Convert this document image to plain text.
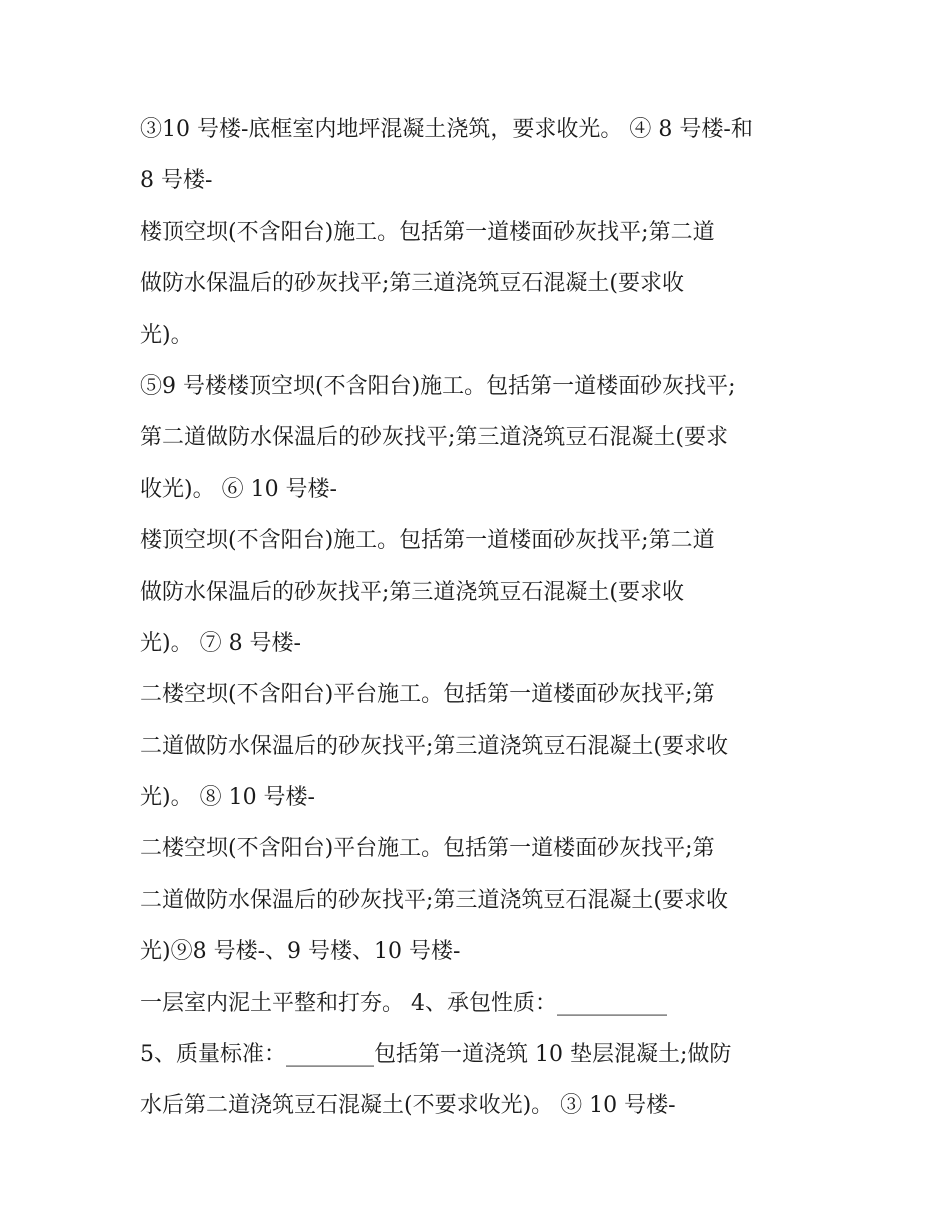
③10 号楼-底框室内地坪混凝土浇筑，要求收光。 ④ 8 号楼-和
8 号楼-
楼顶空坝(不含阳台)施工。包括第一道楼面砂灰找平;第二道
做防水保温后的砂灰找平;第三道浇筑豆石混凝土(要求收
光)。
⑤9 号楼楼顶空坝(不含阳台)施工。包括第一道楼面砂灰找平;
第二道做防水保温后的砂灰找平;第三道浇筑豆石混凝土(要求
收光)。 ⑥ 10 号楼-
楼顶空坝(不含阳台)施工。包括第一道楼面砂灰找平;第二道
做防水保温后的砂灰找平;第三道浇筑豆石混凝土(要求收
光)。 ⑦ 8 号楼-
二楼空坝(不含阳台)平台施工。包括第一道楼面砂灰找平;第
二道做防水保温后的砂灰找平;第三道浇筑豆石混凝土(要求收
光)。 ⑧ 10 号楼-
二楼空坝(不含阳台)平台施工。包括第一道楼面砂灰找平;第
二道做防水保温后的砂灰找平;第三道浇筑豆石混凝土(要求收
光)⑨8 号楼-、9 号楼、10 号楼-
一层室内泥土平整和打夯。 4、承包性质：__________
5、质量标准：________包括第一道浇筑 10 垫层混凝土;做防
水后第二道浇筑豆石混凝土(不要求收光)。 ③ 10 号楼-
